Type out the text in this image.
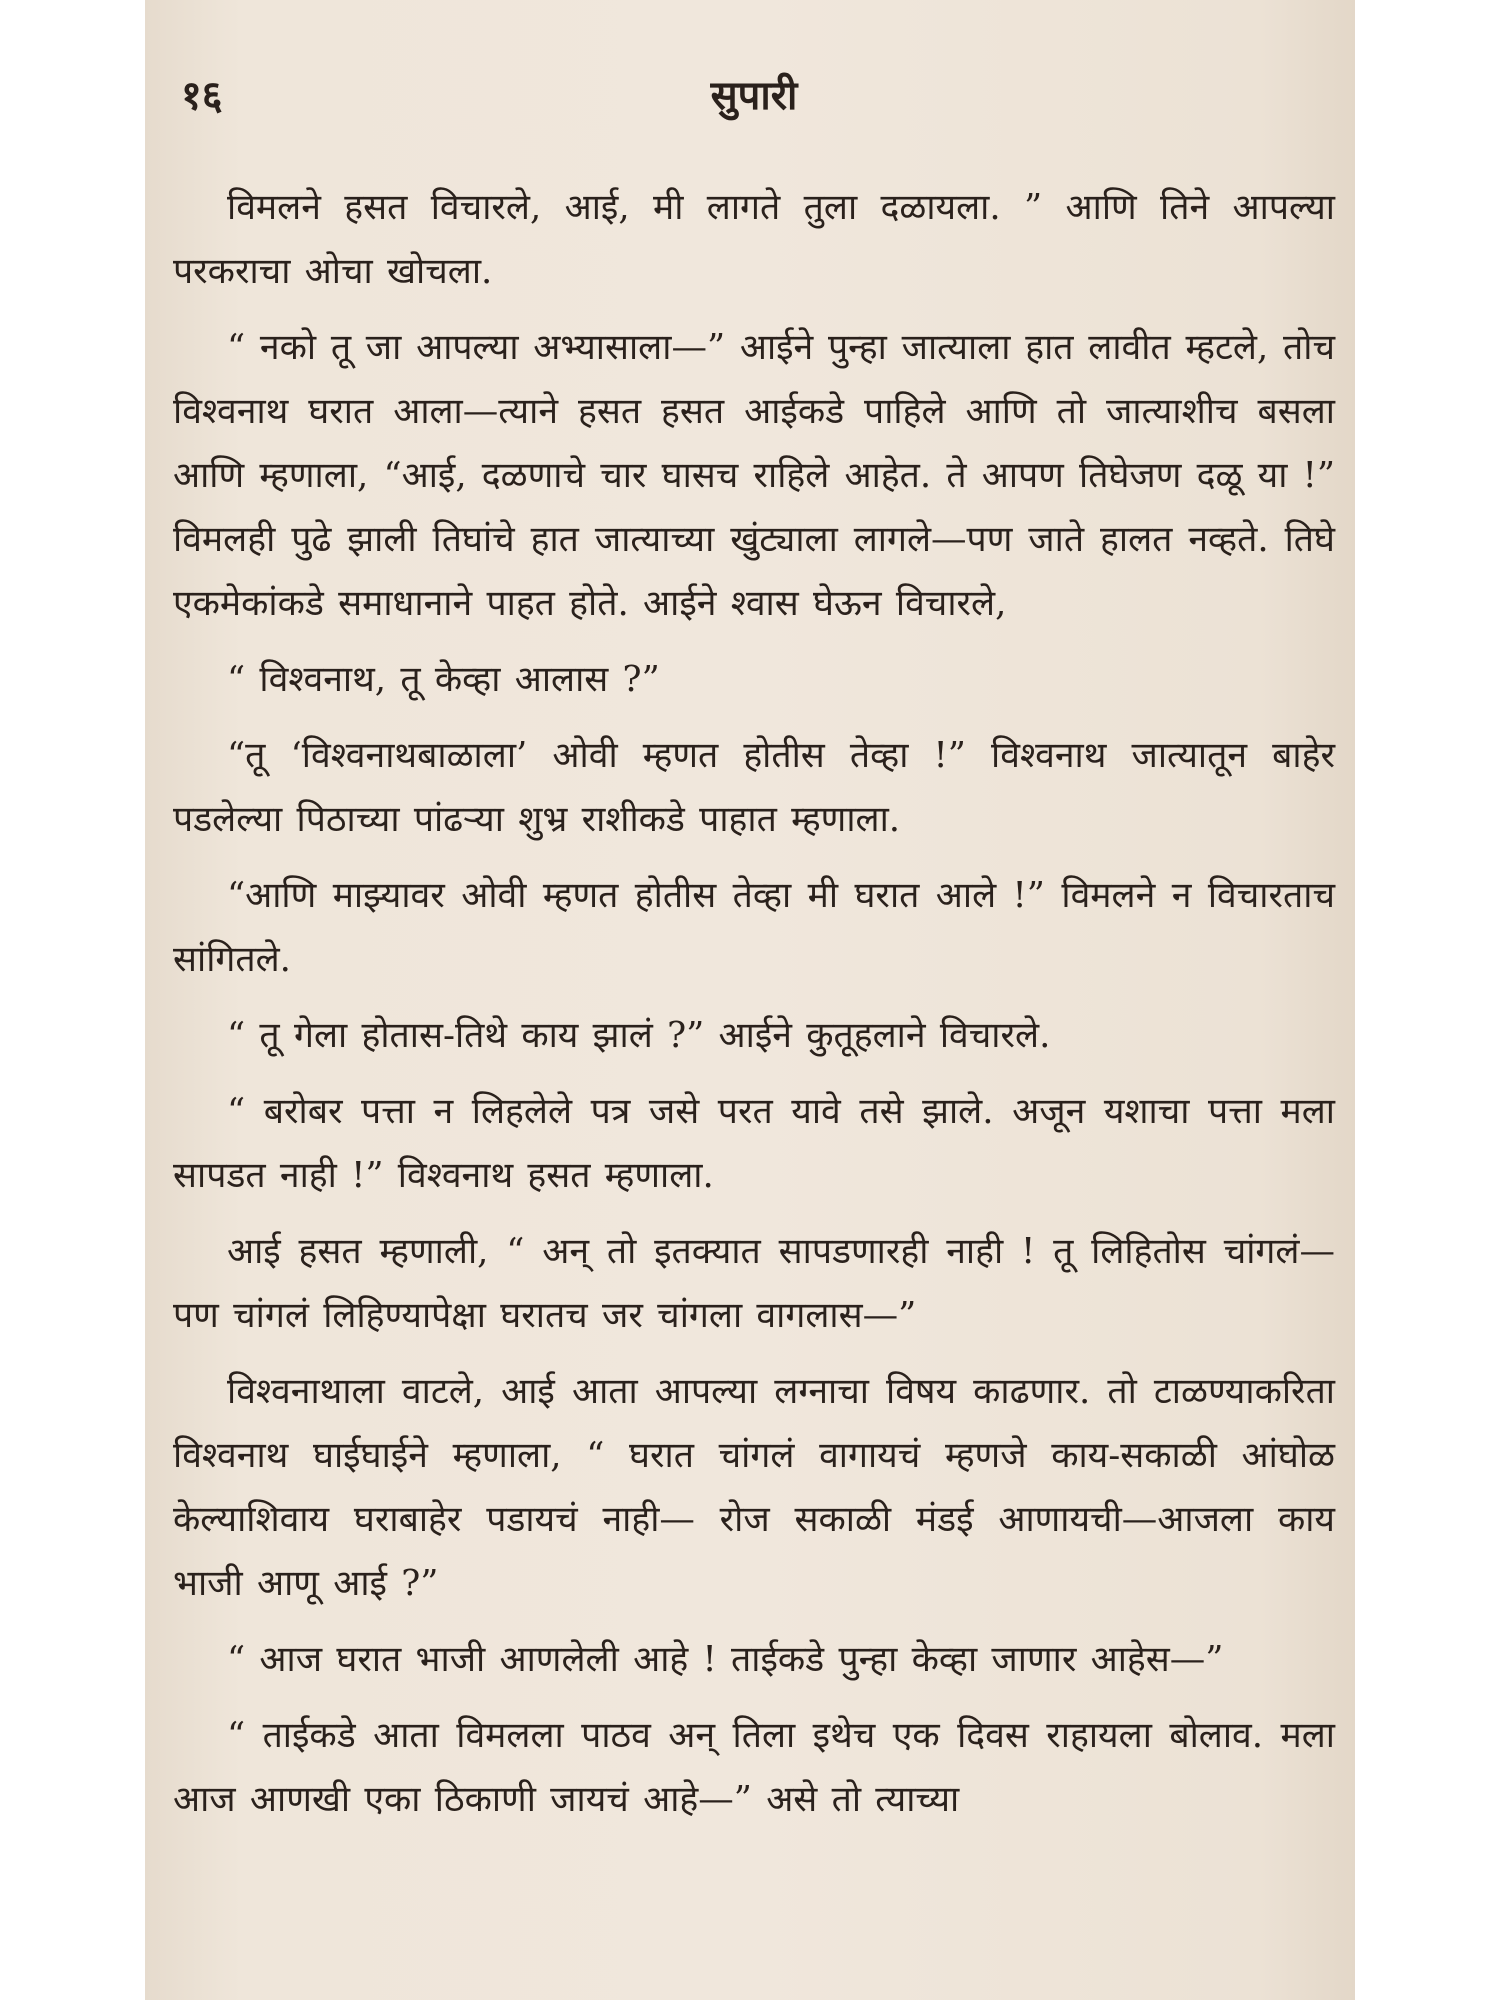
१६	सुपारी

विमलने हसत विचारले, आई, मी लागते तुला दळायला. ” आणि तिने आपल्या परकराचा ओचा खोचला.

“ नको तू जा आपल्या अभ्यासाला—” आईने पुन्हा जात्याला हात लावीत म्हटले, तोच विश्वनाथ घरात आला—त्याने हसत हसत आईकडे पाहिले आणि तो जात्याशीच बसला आणि म्हणाला, “आई, दळणाचे चार घासच राहिले आहेत. ते आपण तिघेजण दळू या !” विमलही पुढे झाली तिघांचे हात जात्याच्या खुंट्याला लागले—पण जाते हालत नव्हते. तिघे एकमेकांकडे समाधानाने पाहत होते. आईने श्वास घेऊन विचारले,

“ विश्वनाथ, तू केव्हा आलास ?”

“तू ‘विश्वनाथबाळाला’ ओवी म्हणत होतीस तेव्हा !” विश्वनाथ जात्यातून बाहेर पडलेल्या पिठाच्या पांढऱ्या शुभ्र राशीकडे पाहात म्हणाला.

“आणि माझ्यावर ओवी म्हणत होतीस तेव्हा मी घरात आले !” विमलने न विचारताच सांगितले.

“ तू गेला होतास-तिथे काय झालं ?” आईने कुतूहलाने विचारले.

“ बरोबर पत्ता न लिहलेले पत्र जसे परत यावे तसे झाले. अजून यशाचा पत्ता मला सापडत नाही !” विश्वनाथ हसत म्हणाला.

आई हसत म्हणाली, “ अन् तो इतक्यात सापडणारही नाही ! तू लिहितोस चांगलं—पण चांगलं लिहिण्यापेक्षा घरातच जर चांगला वागलास—”

विश्वनाथाला वाटले, आई आता आपल्या लग्नाचा विषय काढणार. तो टाळण्याकरिता विश्वनाथ घाईघाईने म्हणाला, “ घरात चांगलं वागायचं म्हणजे काय-सकाळी आंघोळ केल्याशिवाय घराबाहेर पडायचं नाही— रोज सकाळी मंडई आणायची—आजला काय भाजी आणू आई ?”

“ आज घरात भाजी आणलेली आहे ! ताईकडे पुन्हा केव्हा जाणार आहेस—”

“ ताईकडे आता विमलला पाठव अन् तिला इथेच एक दिवस राहायला बोलाव. मला आज आणखी एका ठिकाणी जायचं आहे—” असे तो त्याच्या
